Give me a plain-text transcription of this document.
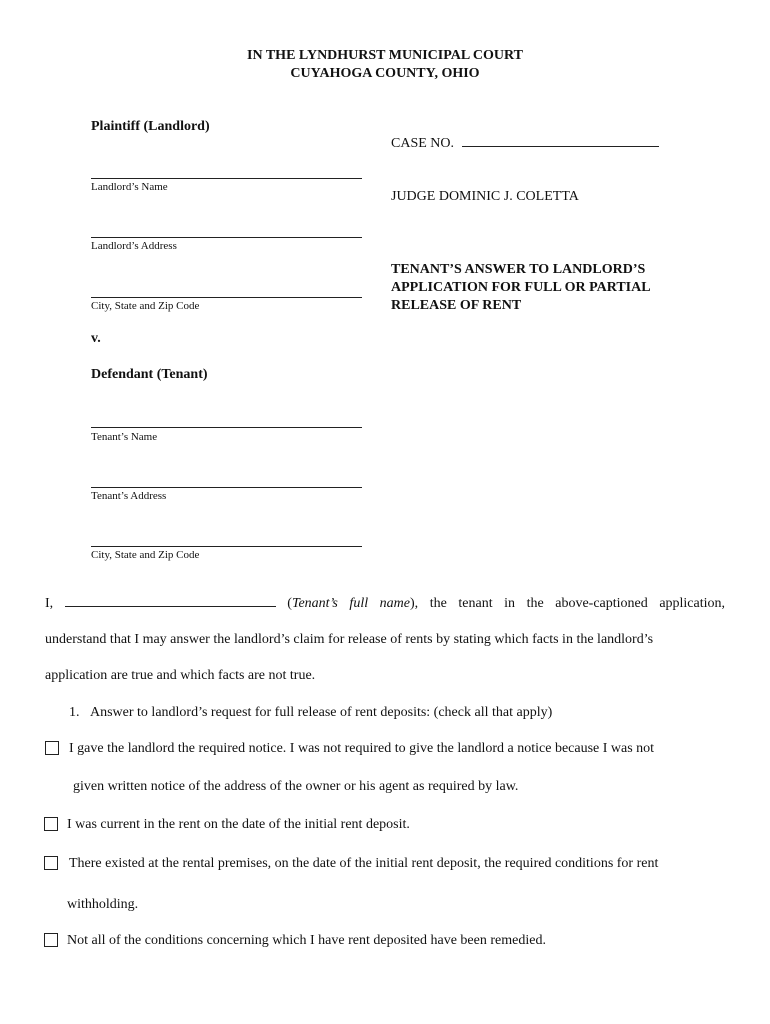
IN THE LYNDHURST MUNICIPAL COURT
CUYAHOGA COUNTY, OHIO
Plaintiff (Landlord)
Landlord’s Name
Landlord’s Address
City, State and Zip Code
v.
Defendant (Tenant)
Tenant’s Name
Tenant’s Address
City, State and Zip Code
CASE NO.
JUDGE DOMINIC J. COLETTA
TENANT’S ANSWER TO LANDLORD’S
APPLICATION FOR FULL OR PARTIAL
RELEASE OF RENT
I,	(Tenant’s full name), the tenant in the above-captioned application,
understand that I may answer the landlord’s claim for release of rents by stating which facts in the landlord’s
application are true and which facts are not true.
1. Answer to landlord’s request for full release of rent deposits: (check all that apply)
I gave the landlord the required notice. I was not required to give the landlord a notice because I was not
given written notice of the address of the owner or his agent as required by law.
I was current in the rent on the date of the initial rent deposit.
There existed at the rental premises, on the date of the initial rent deposit, the required conditions for rent
withholding.
Not all of the conditions concerning which I have rent deposited have been remedied.
